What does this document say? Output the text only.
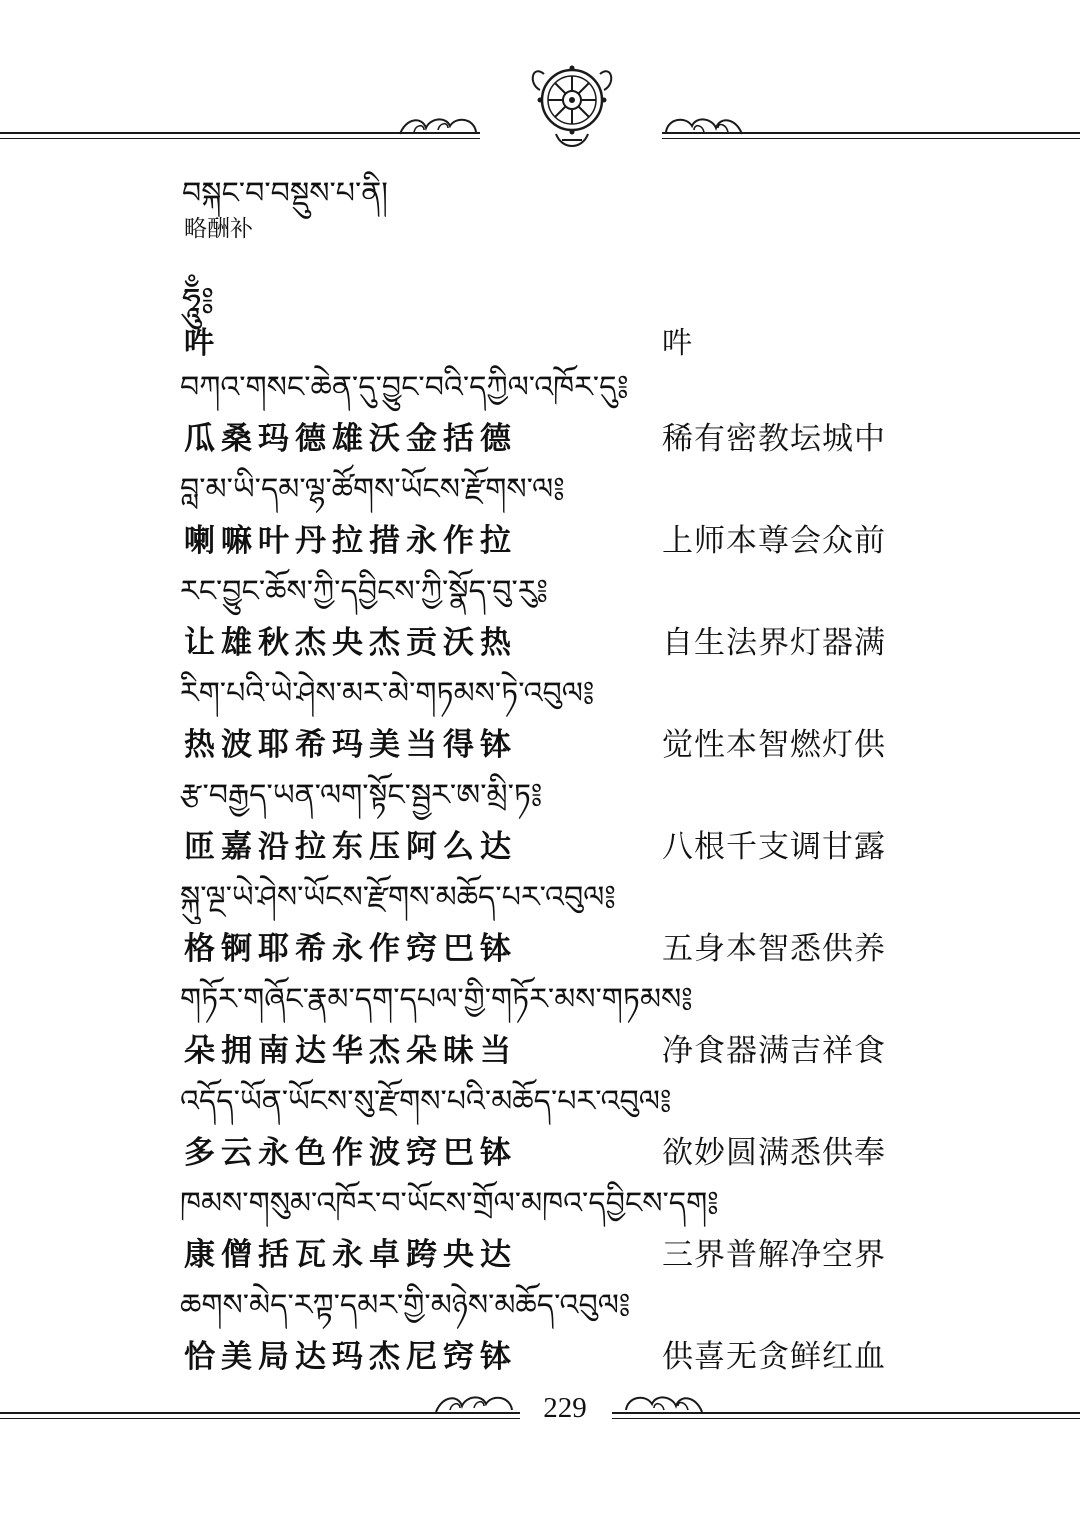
བསྐང་བ་བསྡུས་པ་ནི།
略酬补
ཧཱུྃ༔
吽	吽
བཀའ་གསང་ཆེན་དུ་བྱུང་བའི་དཀྱིལ་འཁོར་དུ༔
瓜桑玛德雄沃金括德	稀有密教坛城中
བླ་མ་ཡི་དམ་ལྷ་ཚོགས་ཡོངས་རྫོགས་ལ༔
喇嘛叶丹拉措永作拉	上师本尊会众前
རང་བྱུང་ཆོས་ཀྱི་དབྱིངས་ཀྱི་སྣོད་བུ་རུ༔
让雄秋杰央杰贡沃热	自生法界灯器满
རིག་པའི་ཡེ་ཤེས་མར་མེ་གཏམས་ཏེ་འབུལ༔
热波耶希玛美当得钵	觉性本智燃灯供
རྩ་བརྒྱད་ཡན་ལག་སྟོང་སྦྱར་ཨ་མྲི་ཏ༔
匝嘉沿拉东压阿么达	八根千支调甘露
སྐུ་ལྔ་ཡེ་ཤེས་ཡོངས་རྫོགས་མཆོད་པར་འབུལ༔
格锕耶希永作窍巴钵	五身本智悉供养
གཏོར་གཞོང་རྣམ་དག་དཔལ་གྱི་གཏོར་མས་གཏམས༔
朵拥南达华杰朵昧当	净食器满吉祥食
འདོད་ཡོན་ཡོངས་སུ་རྫོགས་པའི་མཆོད་པར་འབུལ༔
多云永色作波窍巴钵	欲妙圆满悉供奉
ཁམས་གསུམ་འཁོར་བ་ཡོངས་གྲོལ་མཁའ་དབྱིངས་དག༔
康僧括瓦永卓跨央达	三界普解净空界
ཆགས་མེད་རཀྟ་དམར་གྱི་མཉེས་མཆོད་འབུལ༔
恰美局达玛杰尼窍钵	供喜无贪鲜红血
229
